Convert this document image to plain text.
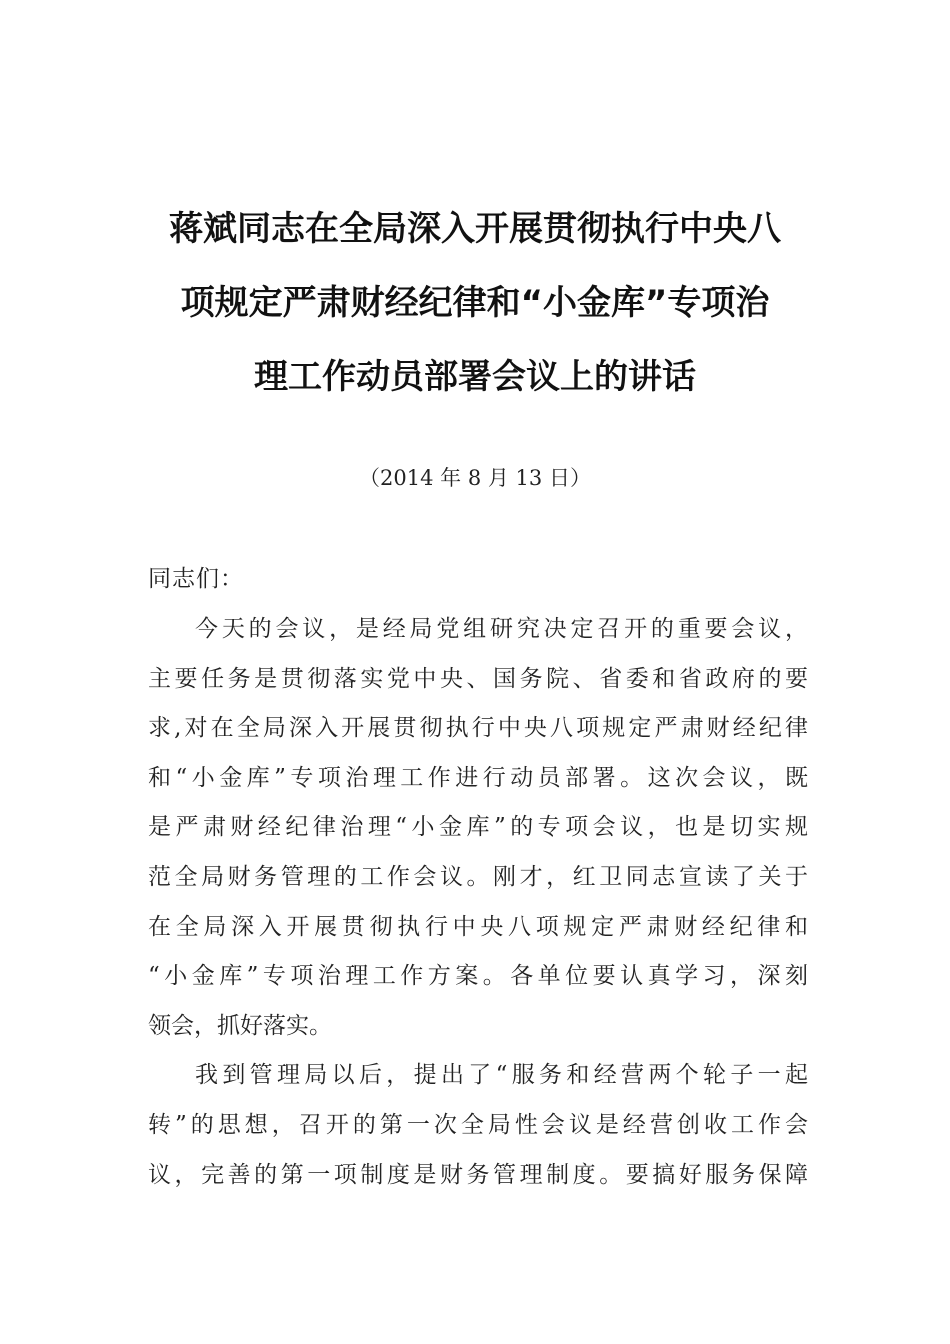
蒋斌同志在全局深入开展贯彻执行中央八
项规定严肃财经纪律和“小金库”专项治
理工作动员部署会议上的讲话
（2014 年 8 月 13 日）
同志们：
今天的会议，是经局党组研究决定召开的重要会议，
主要任务是贯彻落实党中央、国务院、省委和省政府的要
求,对在全局深入开展贯彻执行中央八项规定严肃财经纪律
和“小金库”专项治理工作进行动员部署。这次会议，既
是严肃财经纪律治理“小金库”的专项会议，也是切实规
范全局财务管理的工作会议。刚才，红卫同志宣读了关于
在全局深入开展贯彻执行中央八项规定严肃财经纪律和
“小金库”专项治理工作方案。各单位要认真学习，深刻
领会，抓好落实。
我到管理局以后，提出了“服务和经营两个轮子一起
转”的思想，召开的第一次全局性会议是经营创收工作会
议，完善的第一项制度是财务管理制度。要搞好服务保障
